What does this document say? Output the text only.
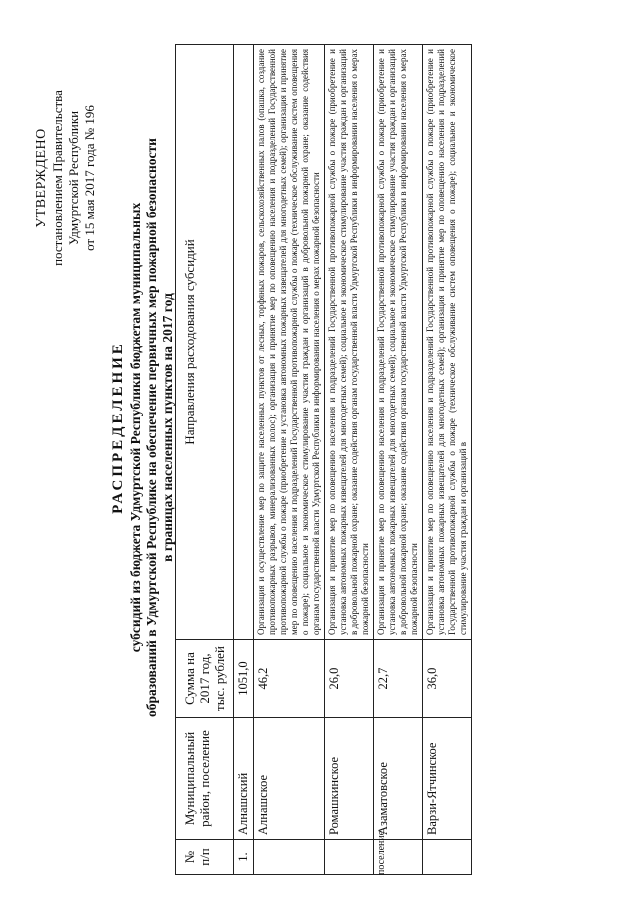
УТВЕРЖДЕНО постановлением Правительства Удмуртской Республики от 15 мая 2017 года № 196
РАСПРЕДЕЛЕНИЕ субсидий из бюджета Удмуртской Республики бюджетам муниципальных образований в Удмуртской Республике на обеспечение первичных мер пожарной безопасности в границах населенных пунктов на 2017 год
№ п/п	Муниципальный район, поселение	Сумма на 2017 год, тыс. рублей	Направления расходования субсидий
1.	Алнашский	1051,0	
	Алнашское	46,2	Организация и осуществление мер по защите населенных пунктов от лесных, торфяных пожаров, сельскохозяйственных палов (опашка, создание противопожарных разрывов, минерализованных полос); организация и принятие мер по оповещению населения и подразделений Государственной противопожарной службы о пожаре (приобретение и установка автономных пожарных извещателей для многодетных семей); организация и принятие мер по оповещению населения и подразделений Государственной противопожарной службы о пожаре (техническое обслуживание систем оповещения о пожаре); социальное и экономическое стимулирование участия граждан и организаций в добровольной пожарной охране; оказание содействия органам государственной власти Удмуртской Республики в информировании населения о мерах пожарной безопасности
	Ромашкинское	26,0	Организация и принятие мер по оповещению населения и подразделений Государственной противопожарной службы о пожаре (приобретение и установка автономных пожарных извещателей для многодетных семей); социальное и экономическое стимулирование участия граждан и организаций в добровольной пожарной охране; оказание содействия органам государственной власти Удмуртской Республики в информировании населения о мерах пожарной безопасности
	Азаматовское	22,7	Организация и принятие мер по оповещению населения и подразделений Государственной противопожарной службы о пожаре (приобретение и установка автономных пожарных извещателей для многодетных семей); социальное и экономическое стимулирование участия граждан и организаций в добровольной пожарной охране; оказание содействия органам государственной власти Удмуртской Республики в информировании населения о мерах пожарной безопасности
	Варзи-Ятчинское	36,0	Организация и принятие мер по оповещению населения и подразделений Государственной противопожарной службы о пожаре (приобретение и установка автономных пожарных извещателей для многодетных семей); организация и принятие мер по оповещению населения и подразделений Государственной противопожарной службы о пожаре (техническое обслуживание систем оповещения о пожаре); социальное и экономическое стимулирование участия граждан и организаций в
поселение
